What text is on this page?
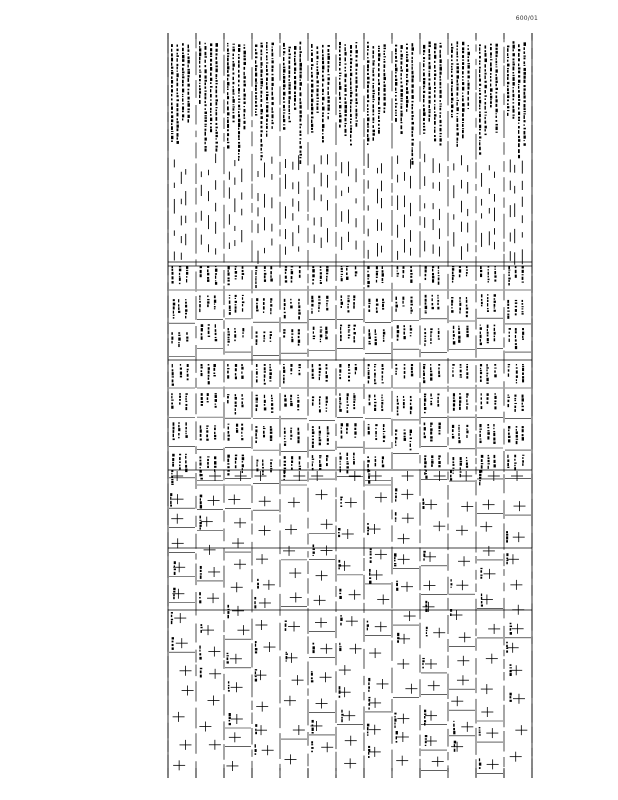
600/01
